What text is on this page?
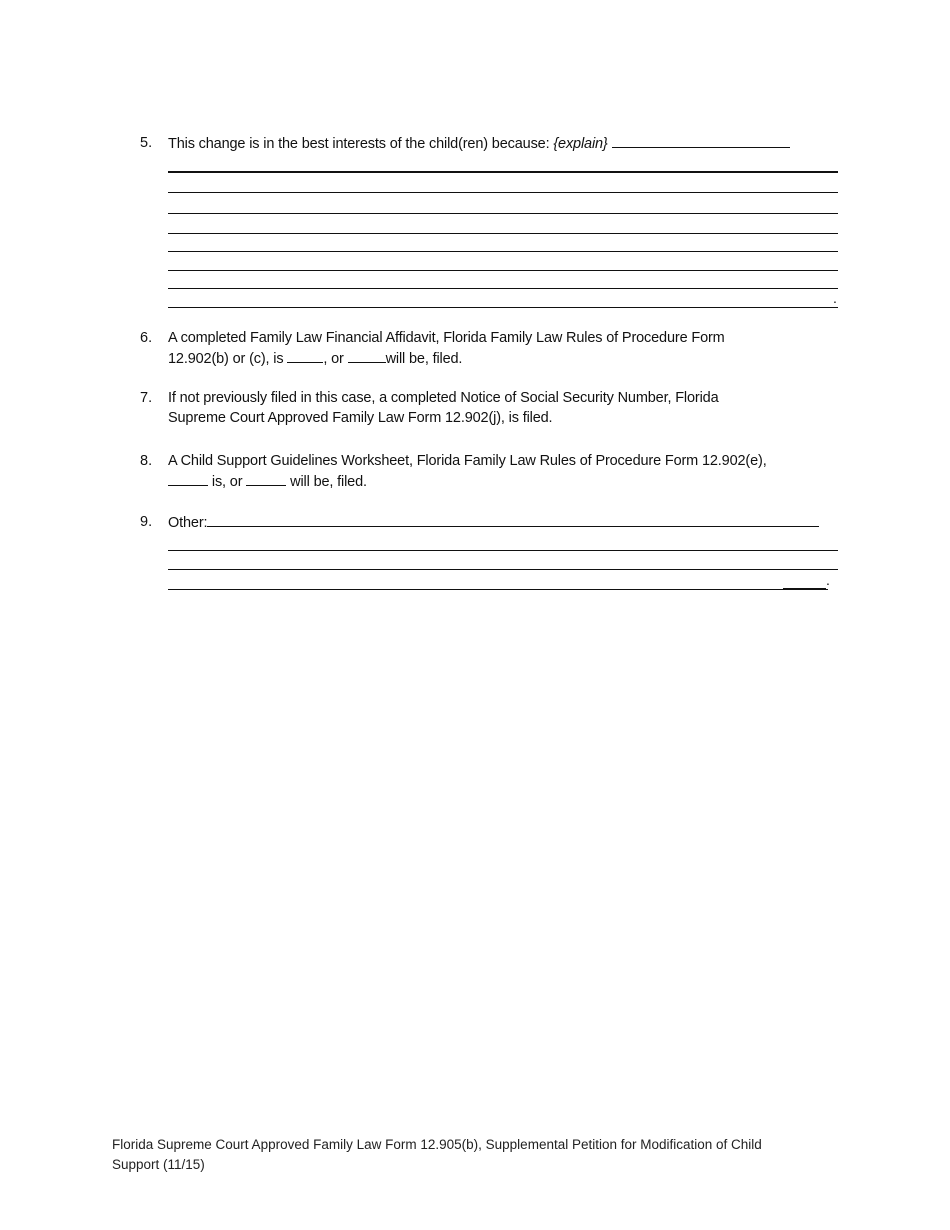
5. This change is in the best interests of the child(ren) because: {explain}
.
6. A completed Family Law Financial Affidavit, Florida Family Law Rules of Procedure Form
12.902(b) or (c), is , or	will be, filed.
7. If not previously filed in this case, a completed Notice of Social Security Number, Florida
Supreme Court Approved Family Law Form 12.902(j), is filed.
8. A Child Support Guidelines Worksheet, Florida Family Law Rules of Procedure Form 12.902(e),
is, or	will be, filed.
9. Other:
.
Florida Supreme Court Approved Family Law Form 12.905(b), Supplemental Petition for Modification of Child
Support (11/15)
